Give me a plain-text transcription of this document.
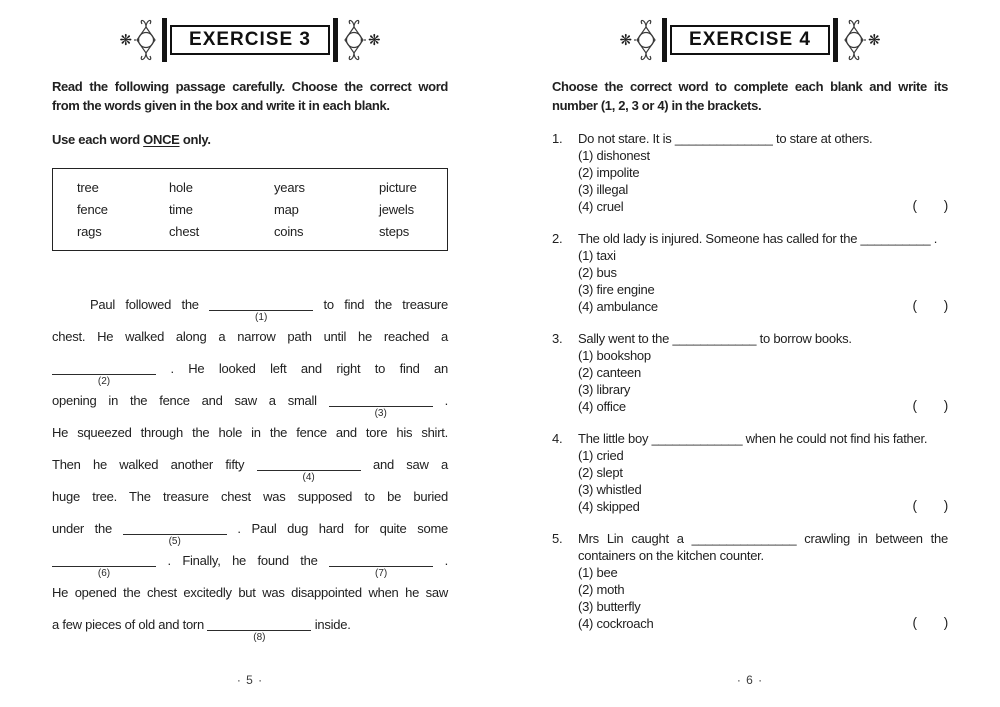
❋	EXERCISE 3	❋
Read the following passage carefully. Choose the correct word
from the words given in the box and write it in each blank.
Use each word ONCE only.
tree	hole	years	picture
fence	time	map	jewels
rags	chest	coins	steps
Paul followed the
(1)
to find the treasure
chest. He walked along a narrow path until he reached a
(2)
. He looked left and right to find an
opening in the fence and saw a small
(3)
.
He squeezed through the hole in the fence and tore his shirt.
Then he walked another fifty
(4)
and saw a
huge tree. The treasure chest was supposed to be buried
under the
(5)
. Paul dug hard for quite some
(6)
. Finally, he found the
(7)
.
He opened the chest excitedly but was disappointed when he saw
a few pieces of old and torn
(8)
inside.
· 5 ·
❋	EXERCISE 4	❋
Choose the correct word to complete each blank and write its
number (1, 2, 3 or 4) in the brackets.
1.	Do not stare. It is ______________ to stare at others.
(1) dishonest
(2) impolite
(3) illegal
(4) cruel	( )
2.	The old lady is injured. Someone has called for the __________ .
(1) taxi
(2) bus
(3) fire engine
(4) ambulance	( )
3.	Sally went to the ____________ to borrow books.
(1) bookshop
(2) canteen
(3) library
(4) office	( )
4.	The little boy _____________ when he could not find his father.
(1) cried
(2) slept
(3) whistled
(4) skipped	( )
5.	Mrs Lin caught a _______________ crawling in between the
containers on the kitchen counter.
(1) bee
(2) moth
(3) butterfly
(4) cockroach	( )
· 6 ·
